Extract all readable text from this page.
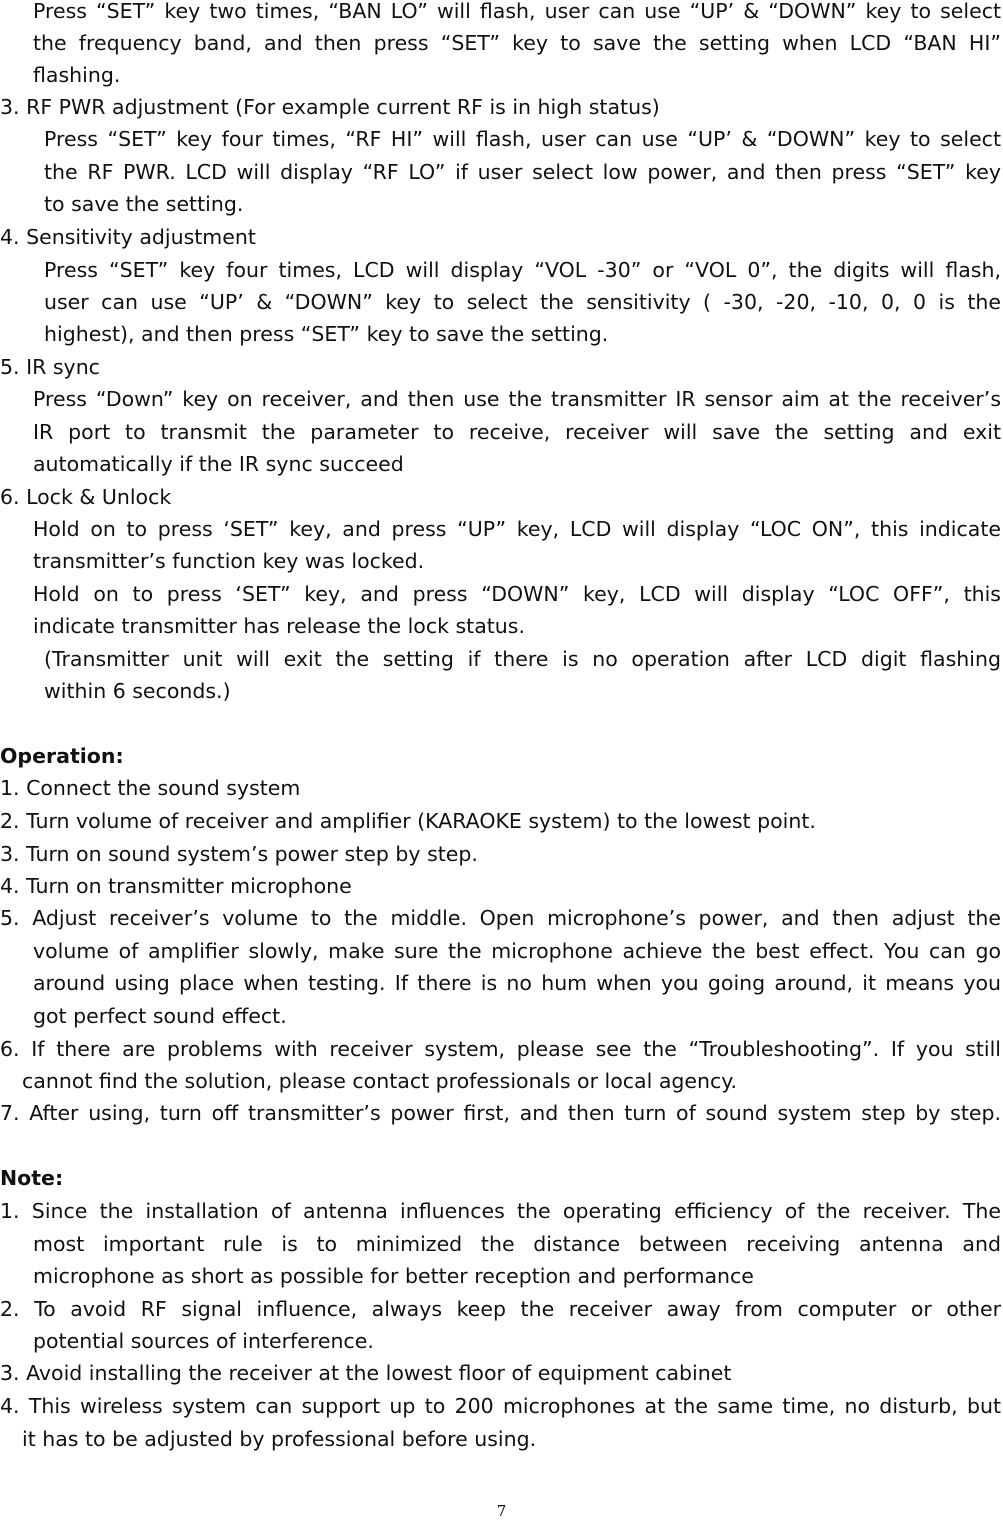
Press “SET” key two times, “BAN LO” will flash, user can use “UP’ & “DOWN” key to select
the frequency band, and then press “SET” key to save the setting when LCD “BAN HI”
flashing.
3. RF PWR adjustment (For example current RF is in high status)
Press “SET” key four times, “RF HI” will flash, user can use “UP’ & “DOWN” key to select
the RF PWR. LCD will display “RF LO” if user select low power, and then press “SET” key
to save the setting.
4. Sensitivity adjustment
Press “SET” key four times, LCD will display “VOL -30” or “VOL 0”, the digits will flash,
user can use “UP’ & “DOWN” key to select the sensitivity ( -30, -20, -10, 0, 0 is the
highest), and then press “SET” key to save the setting.
5. IR sync
Press “Down” key on receiver, and then use the transmitter IR sensor aim at the receiver’s
IR port to transmit the parameter to receive, receiver will save the setting and exit
automatically if the IR sync succeed
6. Lock & Unlock
Hold on to press ‘SET” key, and press “UP” key, LCD will display “LOC ON”, this indicate
transmitter’s function key was locked.
Hold on to press ‘SET” key, and press “DOWN” key, LCD will display “LOC OFF”, this
indicate transmitter has release the lock status.
(Transmitter unit will exit the setting if there is no operation after LCD digit flashing
within 6 seconds.)
Operation:
1. Connect the sound system
2. Turn volume of receiver and amplifier (KARAOKE system) to the lowest point.
3. Turn on sound system’s power step by step.
4. Turn on transmitter microphone
5. Adjust receiver’s volume to the middle. Open microphone’s power, and then adjust the
volume of amplifier slowly, make sure the microphone achieve the best effect. You can go
around using place when testing. If there is no hum when you going around, it means you
got perfect sound effect.
6. If there are problems with receiver system, please see the “Troubleshooting”. If you still
cannot find the solution, please contact professionals or local agency.
7. After using, turn off transmitter’s power first, and then turn of sound system step by step.
Note:
1. Since the installation of antenna influences the operating efficiency of the receiver. The
most important rule is to minimized the distance between receiving antenna and
microphone as short as possible for better reception and performance
2. To avoid RF signal influence, always keep the receiver away from computer or other
potential sources of interference.
3. Avoid installing the receiver at the lowest floor of equipment cabinet
4. This wireless system can support up to 200 microphones at the same time, no disturb, but
it has to be adjusted by professional before using.
7
